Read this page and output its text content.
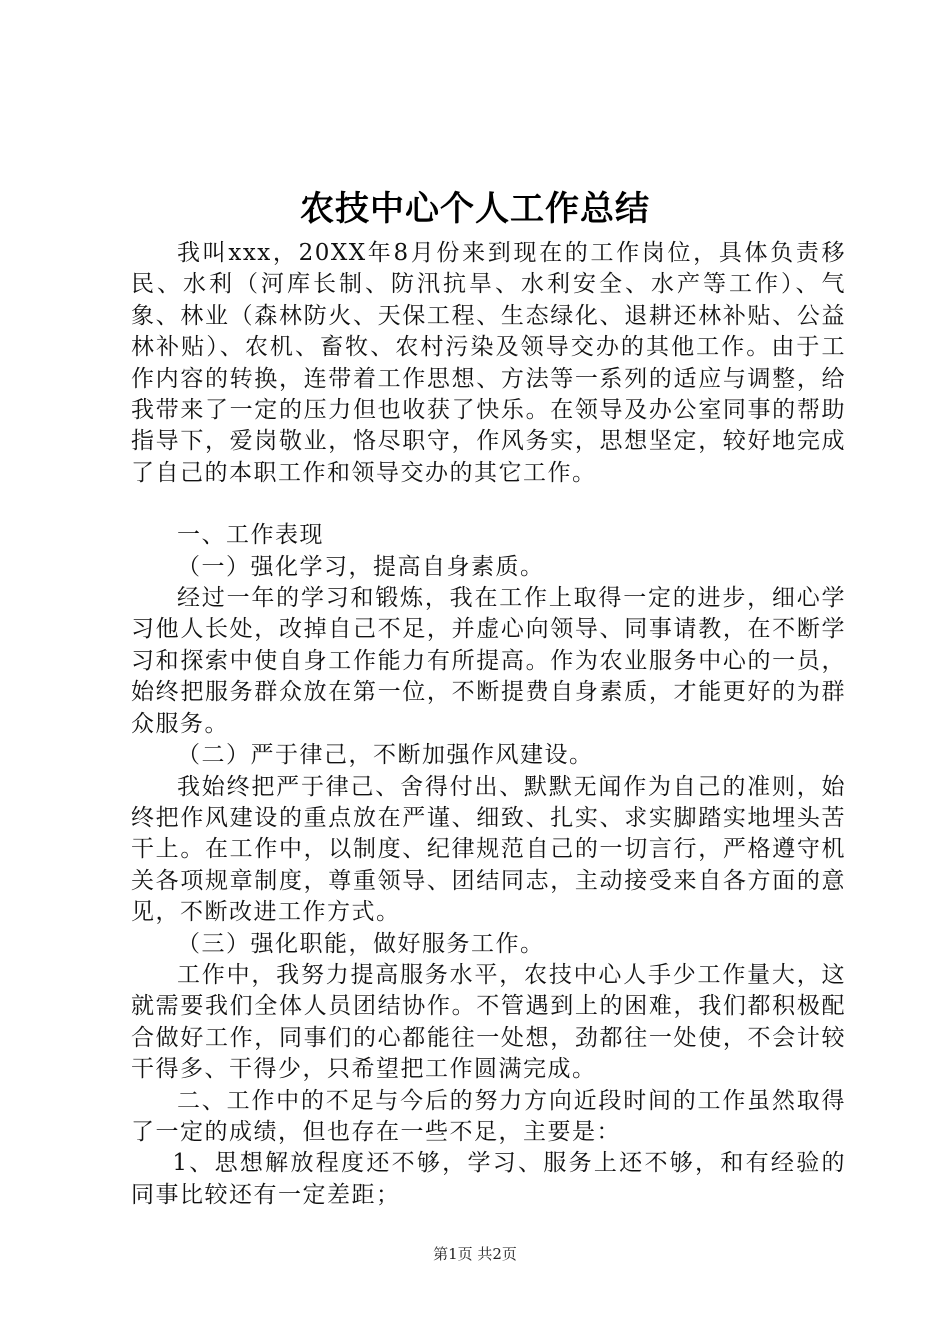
农技中心个人工作总结

我叫xxx，20XX年8月份来到现在的工作岗位，具体负责移民、水利（河库长制、防汛抗旱、水利安全、水产等工作）、气象、林业（森林防火、天保工程、生态绿化、退耕还林补贴、公益林补贴）、农机、畜牧、农村污染及领导交办的其他工作。由于工作内容的转换，连带着工作思想、方法等一系列的适应与调整，给我带来了一定的压力但也收获了快乐。在领导及办公室同事的帮助指导下，爱岗敬业，恪尽职守，作风务实，思想坚定，较好地完成了自己的本职工作和领导交办的其它工作。

一、工作表现

（一）强化学习，提高自身素质。

经过一年的学习和锻炼，我在工作上取得一定的进步，细心学习他人长处，改掉自己不足，并虚心向领导、同事请教，在不断学习和探索中使自身工作能力有所提高。作为农业服务中心的一员，始终把服务群众放在第一位，不断提费自身素质，才能更好的为群众服务。

（二）严于律己，不断加强作风建设。

我始终把严于律己、舍得付出、默默无闻作为自己的准则，始终把作风建设的重点放在严谨、细致、扎实、求实脚踏实地埋头苦干上。在工作中，以制度、纪律规范自己的一切言行，严格遵守机关各项规章制度，尊重领导、团结同志，主动接受来自各方面的意见，不断改进工作方式。

（三）强化职能，做好服务工作。

工作中，我努力提高服务水平，农技中心人手少工作量大，这就需要我们全体人员团结协作。不管遇到上的困难，我们都积极配合做好工作，同事们的心都能往一处想，劲都往一处使，不会计较干得多、干得少，只希望把工作圆满完成。

二、工作中的不足与今后的努力方向近段时间的工作虽然取得了一定的成绩，但也存在一些不足，主要是：

1、思想解放程度还不够，学习、服务上还不够，和有经验的同事比较还有一定差距；

第1页 共2页
